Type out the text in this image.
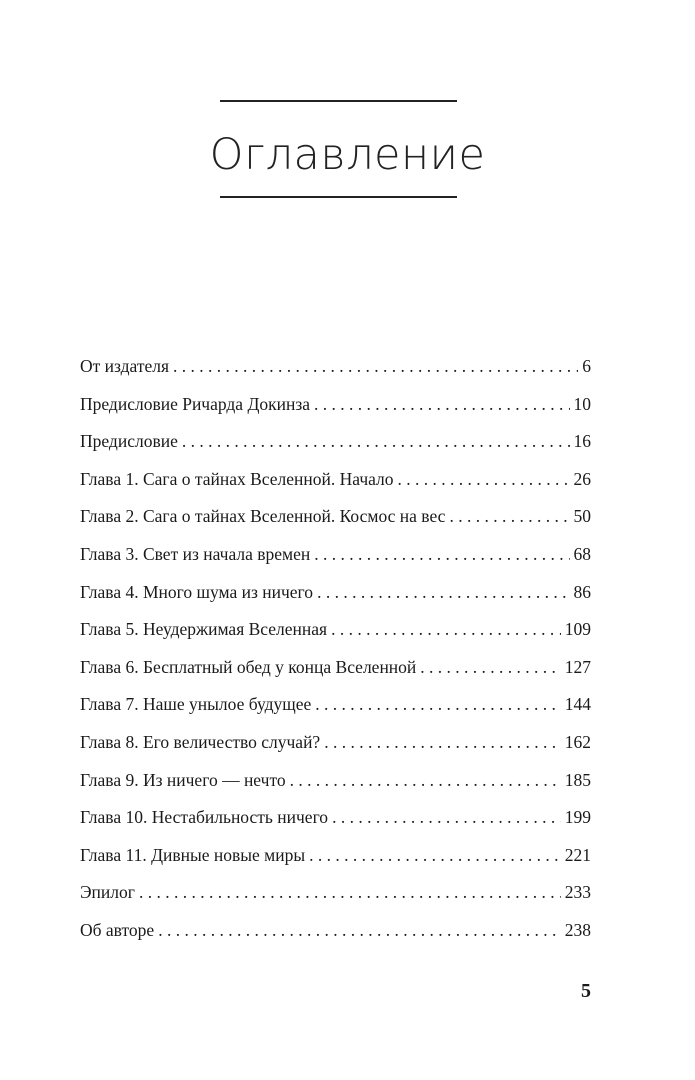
Оглавление
От издателя . . .	6
Предисловие Ричарда Докинза . . .	10
Предисловие . . .	16
Глава 1. Сага о тайнах Вселенной. Начало . . .	26
Глава 2. Сага о тайнах Вселенной. Космос на вес . . .	50
Глава 3. Свет из начала времен . . .	68
Глава 4. Много шума из ничего . . .	86
Глава 5. Неудержимая Вселенная . . .	109
Глава 6. Бесплатный обед у конца Вселенной . . .	127
Глава 7. Наше унылое будущее . . .	144
Глава 8. Его величество случай? . . .	162
Глава 9. Из ничего — нечто . . .	185
Глава 10. Нестабильность ничего . . .	199
Глава 11. Дивные новые миры . . .	221
Эпилог . . .	233
Об авторе . . .	238
5
